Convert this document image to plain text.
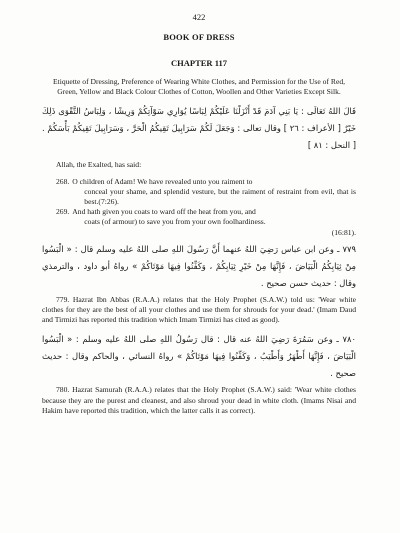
422
BOOK OF DRESS
CHAPTER 117
Etiquette of Dressing, Preference of Wearing White Clothes, and Permission for the Use of Red, Green, Yellow and Black Colour Clothes of Cotton, Woollen and Other Varieties Except Silk.

قَالَ اللهُ تَعَالَى : يَا بَنِي آدَمَ قَدْ أَنْزَلْنَا عَلَيْكُمْ لِبَاسًا يُوَارِي سَوْآتِكُمْ وَرِيشًا ، وَلِبَاسُ التَّقْوَى ذَلِكَ خَيْرٌ [ الأعراف : ٢٦ ] وقال تعالى : وَجَعَلَ لَكُمْ سَرَابِيلَ تَقِيكُمُ الْحَرَّ ، وَسَرَابِيلَ تَقِيكُمْ بَأْسَكُمْ . [ النحل : ٨١ ]

Allah, the Exalted, has said:

268. O children of Adam! We have revealed unto you raiment to
conceal your shame, and splendid vesture, but the raiment of restraint from evil, that is best.(7:26).
269. And hath given you coats to ward off the heat from you, and
coats (of armour) to save you from your own foolhardiness.
(16:81).

٧٧٩ ـ وعن ابن عباس رَضِيَ اللهُ عنهما أَنَّ رَسُولَ اللهِ صلى اللهُ عليه وسلم قال : « الْبَسُوا مِنْ ثِيَابِكُمُ الْبَيَاضَ ، فَإِنَّهَا مِنْ خَيْرِ ثِيَابِكُمْ ، وَكَفِّنُوا فِيهَا مَوْتَاكُمْ » رواهُ أبو داود ، والترمذي وقال : حديث حسن صحيح .

779. Hazrat Ibn Abbas (R.A.A.) relates that the Holy Prophet (S.A.W.) told us: 'Wear white clothes for they are the best of all your clothes and use them for shrouds for your dead.' (Imam Daud and Tirmizi has reported this tradition which Imam Tirmizi has cited as good).

٧٨٠ ـ وعن سَمُرَةَ رَضِيَ اللهُ عنه قال : قال رَسُولُ اللهِ صلى اللهُ عليه وسلم : « الْبَسُوا الْبَيَاضَ ، فَإِنَّهَا أَطْهَرُ وَأَطْيَبُ ، وَكَفِّنُوا فِيهَا مَوْتَاكُمْ » رواهُ النسائي ، والحاكم وقال : حديث صحيح .

780. Hazrat Samurah (R.A.A.) relates that the Holy Prophet (S.A.W.) said: 'Wear white clothes because they are the purest and cleanest, and also shroud your dead in white cloth. (Imams Nisai and Hakim have reported this tradition, which the latter calls it as correct).
